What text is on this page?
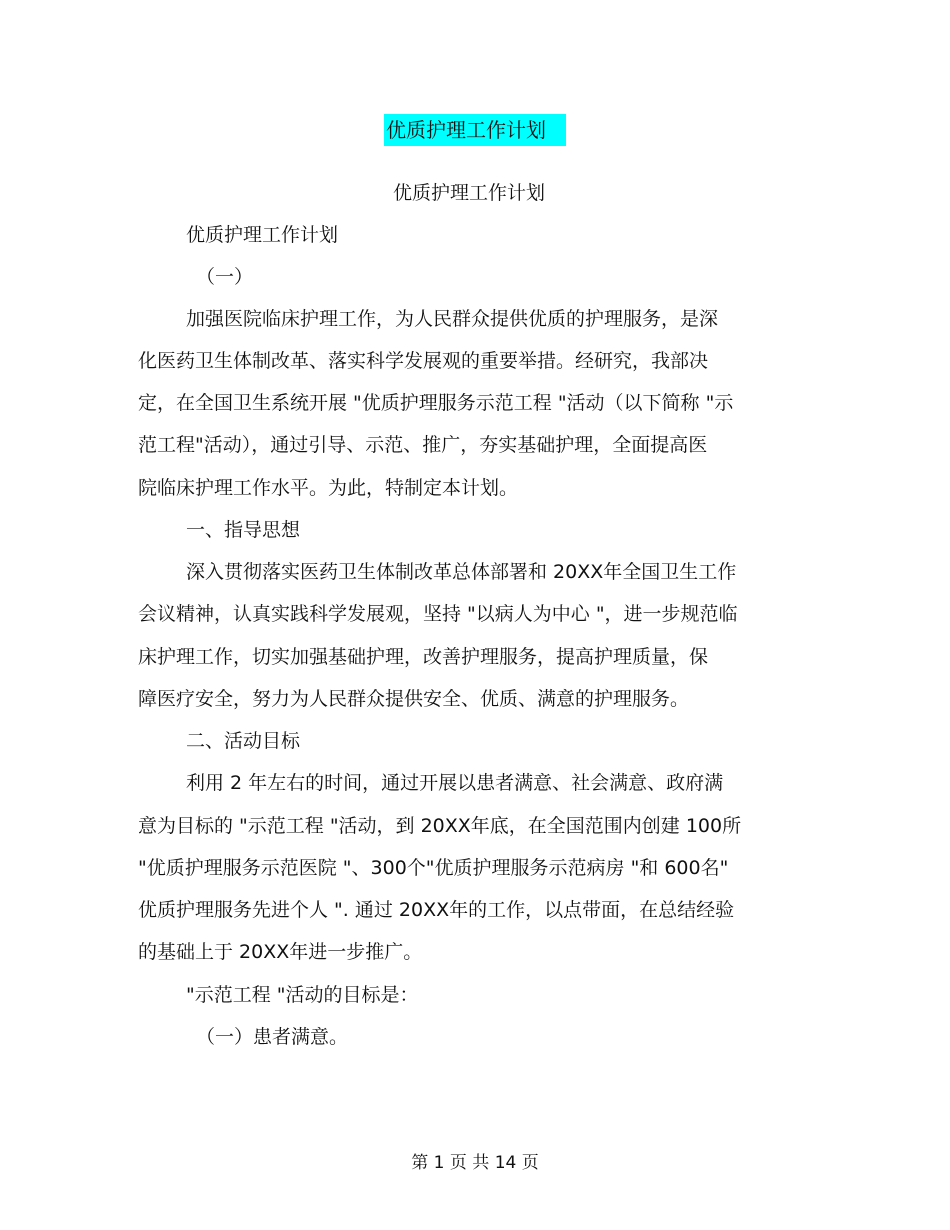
优质护理工作计划
优质护理工作计划
优质护理工作计划
（一）
加强医院临床护理工作，为人民群众提供优质的护理服务，是深
化医药卫生体制改革、落实科学发展观的重要举措。经研究，我部决
定，在全国卫生系统开展 "优质护理服务示范工程 "活动（以下简称 "示
范工程"活动），通过引导、示范、推广，夯实基础护理，全面提高医
院临床护理工作水平。为此，特制定本计划。
一、指导思想
深入贯彻落实医药卫生体制改革总体部署和 20XX年全国卫生工作
会议精神，认真实践科学发展观，坚持 "以病人为中心 "，进一步规范临
床护理工作，切实加强基础护理，改善护理服务，提高护理质量，保
障医疗安全，努力为人民群众提供安全、优质、满意的护理服务。
二、活动目标
利用 2 年左右的时间，通过开展以患者满意、社会满意、政府满
意为目标的 "示范工程 "活动，到 20XX年底，在全国范围内创建 100所
"优质护理服务示范医院 "、300个"优质护理服务示范病房 "和 600名"
优质护理服务先进个人 ". 通过 20XX年的工作，以点带面，在总结经验
的基础上于 20XX年进一步推广。
"示范工程 "活动的目标是：
（一）患者满意。
第 1 页 共 14 页
